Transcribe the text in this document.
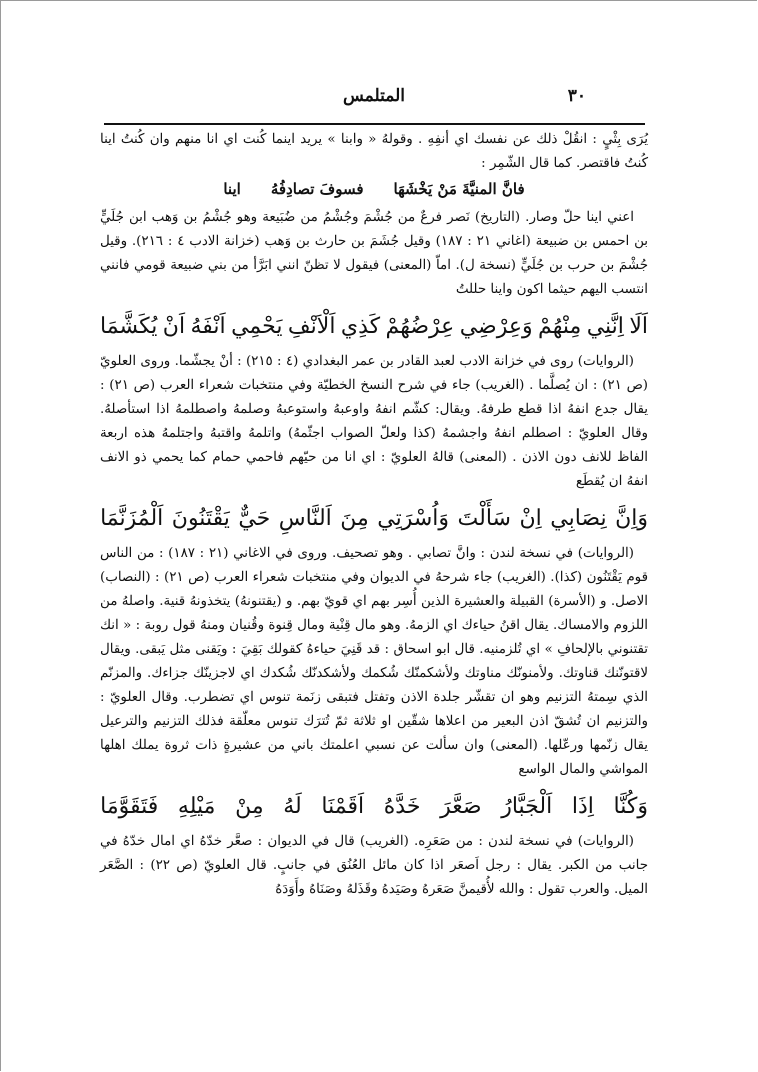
٣٠
المتلمس

يُرَى بِثْيٍ : انقُلْ ذلك عن نفسك اي أنفِهِ . وقولهُ « وابنا » يريد اينما كُنت اي انا منهم وان كُنتُ اينا كُنتُ فاقتصر. كما قال الشّمِر :

فانَّ المنيَّةَ مَنْ يَخْشَهَا
فسوفَ تصادِفُهُ
اينا

اعني اينا حلّ وصار. (التاريخ) نَصر فرعٌ من جُشْمَ وجُشْمُ من ضُبَيعة وهو جُشْمُ بن وَهب ابن جُلَيٍّ بن احمس بن ضبيعة (اغاني ٢١ : ١٨٧) وقيل جُشَمَ بن حارث بن وَهب (خزانة الادب ٤ : ٢١٦). وقيل جُشْمَ بن حرب بن جُلَيٍّ (نسخة ل). اماّ (المعنى) فيقول لا تظنّ انني ابَرَّأ من بني ضبيعة قومي فانني انتسب اليهم حيثما اكون واينا حللتُ

اَلَا
اِنَّنِي
مِنْهُمْ
وَعِرْضِي
عِرْضُهُمْ
كَذِي
اَلْاَنْفِ
يَحْمِي
اَنْفَهُ
اَنْ
يُكَشَّمَا

(الروايات) روى في خزانة الادب لعبد القادر بن عمر البغدادي (٤ : ٢١٥) : أنْ يجشّما. وروى العلويّ (ص ٢١) : ان يُصلَّما . (الغريب) جاء في شرح النسخ الخطيّة وفي منتخبات شعراء العرب (ص ٢١) : يقال جدع انفهُ اذا قطع طرفهُ. ويقال: كشّم انفهُ واوعبهُ واستوعبهُ وصلمهُ واصطلمهُ اذا استأصلهُ. وقال العلويّ : اصطلم انفهُ واجشمهُ (كذا ولعلّ الصواب اجثّمهُ) واتلمهُ واقتبهُ واجتلمهُ هذه اربعة الفاظ للانف دون الاذن . (المعنى) قالهُ العلويّ : اي انا من حيّهم فاحمي حمام كما يحمي ذو الانف انفهُ ان يُقطَع

وَاِنَّ
نِصَابِي
اِنْ
سَأَلْتَ
وَاُسْرَتِي
مِنَ
اَلنَّاسِ
حَيٌّ
يَقْتَنُونَ
اَلْمُزَنَّمَا

(الروايات) في نسخة لندن : وانَّ تصابي . وهو تصحيف. وروى في الاغاني (٢١ : ١٨٧) : من الناس قوم يَقْتَنُون (كذا). (الغريب) جاء شرحهُ في الديوان وفي منتخبات شعراء العرب (ص ٢١) : (النصاب) الاصل. و (الأسرة) القبيلة والعشيرة الذين أُسِر بهم اي قويّ بهم. و (يقتنونهُ) يتخذونهُ قنية. واصلهُ من اللزوم والامساك. يقال اقنُ حياءك اي الزمهُ. وهو مال قِنْية ومال قِنوة وقُنيان ومنهُ قول روبة : « انك تقتنوني بالإلحافِ » اي تُلزمنيه. قال ابو اسحاق : قد قَنِيَ حياءهُ كقولك بَقِيَ : ويَقنى مثل يَبقى. ويقال لاقتونّنك قناوتك. ولأمنونّك مناوتك ولأشكمنّك شُكمك ولأشكدنّك شُكدك اي لاجزينّك جزاءك. والمزنّم الذي سِمتهُ التزنيم وهو ان تقشّر جلدة الاذن وتفتل فتبقى زنَمة تنوس اي تضطرب. وقال العلويّ : والتزنيم ان تُشقّ اذن البعير من اعلاها شقّين او ثلاثة ثمّ تُترَك تنوس معلّقة فذلك التزنيم والترعيل يقال زنّمها ورعّلها. (المعنى) وان سألت عن نسبي اعلمتك باني من عشيرةٍ ذات ثروة يملك اهلها المواشي والمال الواسع

وَكُنَّا
اِذَا
اَلْجَبَّارُ
صَعَّرَ
خَدَّهُ
اَقَمْنَا
لَهُ
مِنْ
مَيْلِهِ
فَتَقَوَّمَا

(الروايات) في نسخة لندن : من صَعَرِه. (الغريب) قال في الديوان : صعَّر خدّهُ اي امال خدّهُ في جانب من الكبر. يقال : رجل اَصعَر اذا كان مائل العُنُق في جانبٍ. قال العلويّ (ص ٢٢) : الصَّعَر الميل. والعرب تقول : والله لأُقيمنَّ صَعَرهُ وصَيَدهُ وقَذَلهُ وصَنَاهُ وأَوَدَهُ
